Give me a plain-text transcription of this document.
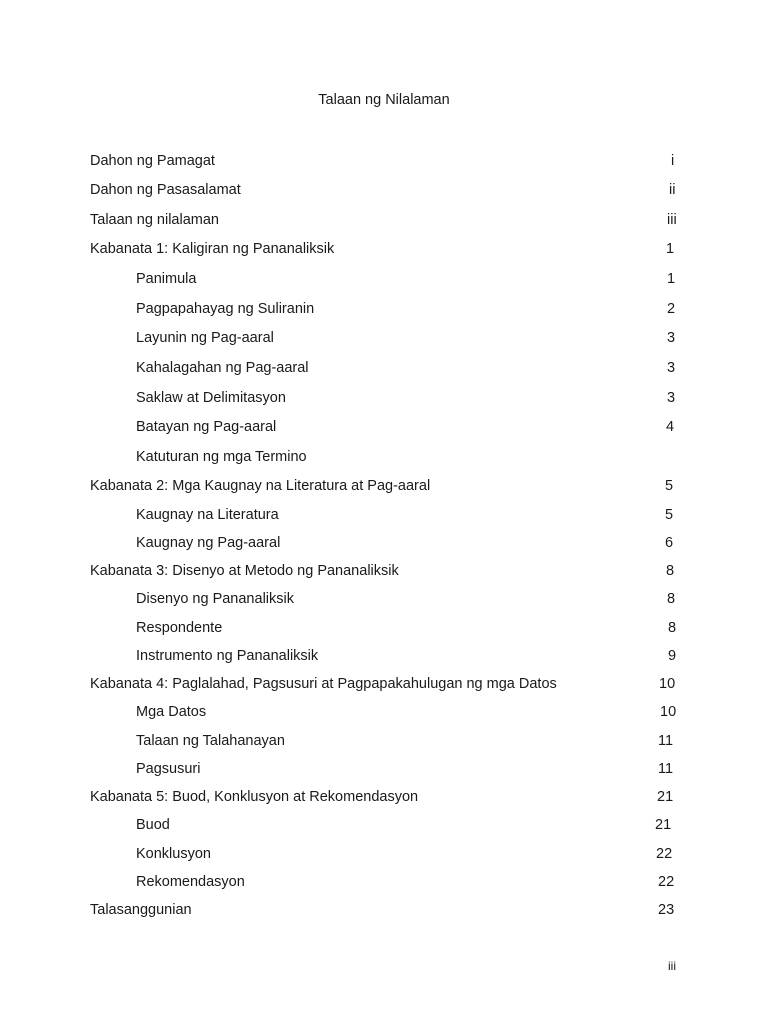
Talaan ng Nilalaman
Dahon ng Pamagat	i
Dahon ng Pasasalamat	ii
Talaan ng nilalaman	iii
Kabanata 1: Kaligiran ng Pananaliksik	1
Panimula	1
Pagpapahayag ng Suliranin	2
Layunin ng Pag-aaral	3
Kahalagahan ng Pag-aaral	3
Saklaw at Delimitasyon	3
Batayan ng Pag-aaral	4
Katuturan ng mga Termino
Kabanata 2: Mga Kaugnay na Literatura at Pag-aaral	5
Kaugnay na Literatura	5
Kaugnay ng Pag-aaral	6
Kabanata 3: Disenyo at Metodo ng Pananaliksik	8
Disenyo ng Pananaliksik	8
Respondente	8
Instrumento ng Pananaliksik	9
Kabanata 4: Paglalahad, Pagsusuri at Pagpapakahulugan ng mga Datos	10
Mga Datos	10
Talaan ng Talahanayan	11
Pagsusuri	11
Kabanata 5: Buod, Konklusyon at Rekomendasyon	21
Buod	21
Konklusyon	22
Rekomendasyon	22
Talasanggunian	23
iii
